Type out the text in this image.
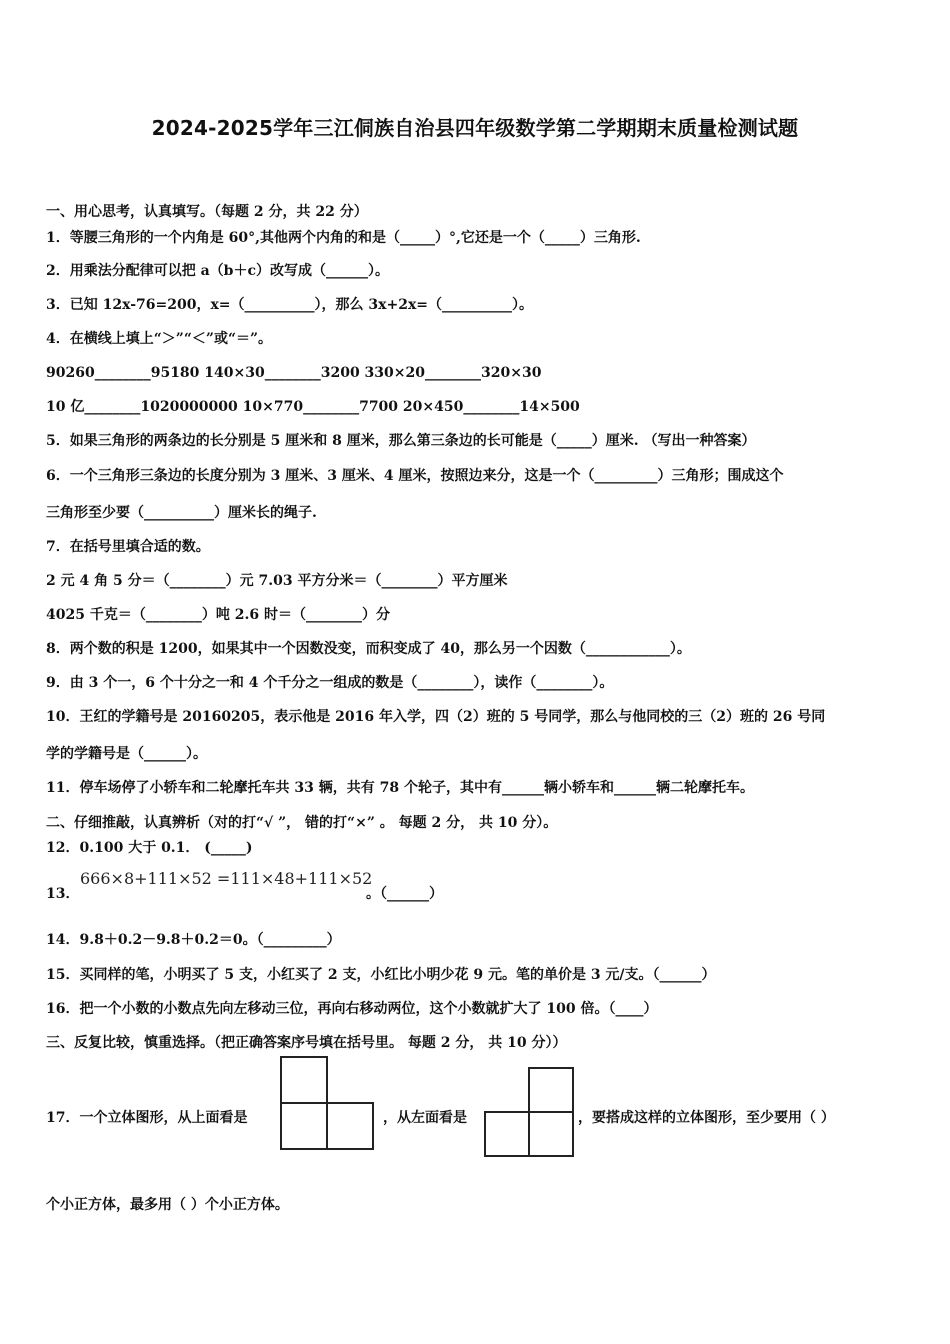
2024-2025学年三江侗族自治县四年级数学第二学期期末质量检测试题
一、用心思考，认真填写。（每题 2 分，共 22 分）
1．等腰三角形的一个内角是 60°,其他两个内角的和是（_____）°,它还是一个（_____）三角形.
2．用乘法分配律可以把 a（b＋c）改写成（______）。
3．已知 12x-76=200，x=（__________），那么 3x+2x=（__________）。
4．在横线上填上“＞”“＜”或“＝”。
90260________95180 140×30________3200 330×20________320×30
10 亿________1020000000 10×770________7700 20×450________14×500
5．如果三角形的两条边的长分别是 5 厘米和 8 厘米，那么第三条边的长可能是（_____）厘米. （写出一种答案）
6．一个三角形三条边的长度分别为 3 厘米、3 厘米、4 厘米，按照边来分，这是一个（_________）三角形；围成这个
三角形至少要（__________）厘米长的绳子.
7．在括号里填合适的数。
2 元 4 角 5 分＝（________）元 7.03 平方分米＝（________）平方厘米
4025 千克＝（________）吨 2.6 时＝（________）分
8．两个数的积是 1200，如果其中一个因数没变，而积变成了 40，那么另一个因数（____________）。
9．由 3 个一，6 个十分之一和 4 个千分之一组成的数是（________），读作（________）。
10．王红的学籍号是 20160205，表示他是 2016 年入学，四（2）班的 5 号同学，那么与他同校的三（2）班的 26 号同
学的学籍号是（______）。
11．停车场停了小轿车和二轮摩托车共 33 辆，共有 78 个轮子，其中有______辆小轿车和______辆二轮摩托车。
二、仔细推敲，认真辨析（对的打“√ ”， 错的打“×” 。 每题 2 分， 共 10 分）。
12．0.100 大于 0.1． (_____)
13．
666×8+111×52 =111×48+111×52
。（______）
14．9.8＋0.2－9.8＋0.2＝0。（_________）
15．买同样的笔，小明买了 5 支，小红买了 2 支，小红比小明少花 9 元。笔的单价是 3 元/支。（______）
16．把一个小数的小数点先向左移动三位，再向右移动两位，这个小数就扩大了 100 倍。（____）
三、反复比较，慎重选择。（把正确答案序号填在括号里。 每题 2 分， 共 10 分））
17．一个立体图形，从上面看是	，从左面看是	，要搭成这样的立体图形，至少要用（ ）
个小正方体，最多用（ ）个小正方体。
